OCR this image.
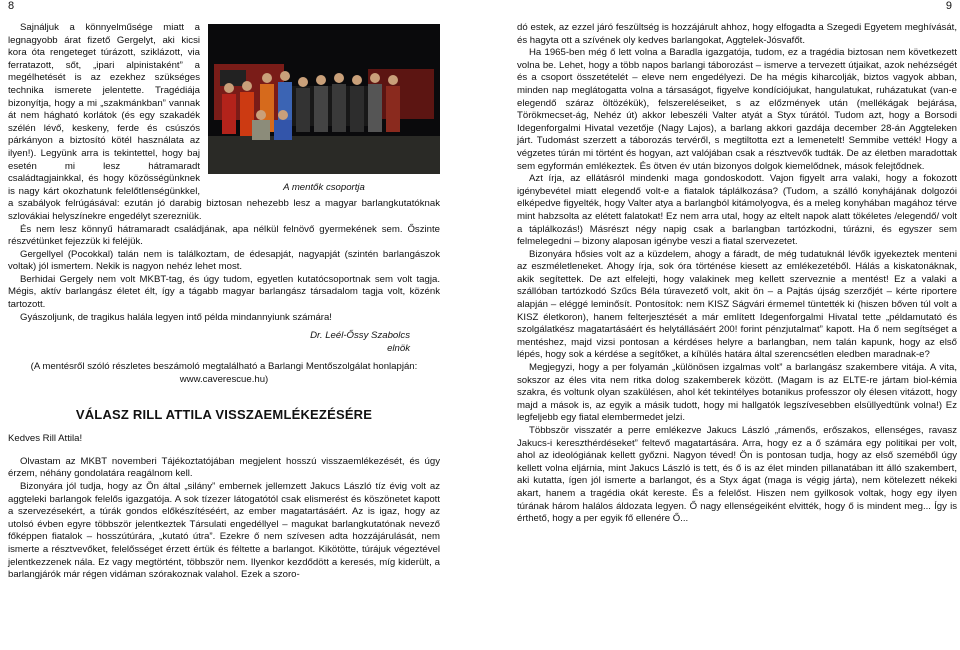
8	9
A mentők csoportja

Sajnáljuk a könnyelműsége miatt a legnagyobb árat fizető Gergelyt, aki kicsi kora óta rengeteget túrázott, sziklázott, via ferratazott, sőt, „ipari alpinistaként” a megélhetését is az ezekhez szükséges technika ismerete jelentette. Tragédiája bizonyítja, hogy a mi „szakmánkban” vannak át nem hágható korlátok (és egy szakadék szélén lévő, keskeny, ferde és csúszós párkányon a biztosító kötél használata az ilyen!). Legyünk arra is tekintettel, hogy baj esetén mi lesz hátramaradt családtagjainkkal, és hogy közösségünknek is nagy kárt okozhatunk felelőtlenségünkkel, a szabályok felrúgásával: ezután jó darabig biztosan nehezebb lesz a magyar barlangkutatóknak szlovákiai helyszínekre engedélyt szerezniük.

És nem lesz könnyű hátramaradt családjának, apa nélkül felnövő gyermekének sem. Őszinte részvétünket fejezzük ki feléjük.

Gergellyel (Pocokkal) talán nem is találkoztam, de édesapját, nagyapját (szintén barlangászok voltak) jól ismertem. Nekik is nagyon nehéz lehet most.

Berhidai Gergely nem volt MKBT-tag, és úgy tudom, egyetlen kutatócsoportnak sem volt tagja. Mégis, aktív barlangász életet élt, így a tágabb magyar barlangász társadalom tagja volt, közénk tartozott.

Gyászoljunk, de tragikus halála legyen intő példa mindannyiunk számára!

Dr. Leél-Őssy Szabolcs
elnök

(A mentésről szóló részletes beszámoló megtalálható a Barlangi Mentőszolgálat honlapján: www.caverescue.hu)

VÁLASZ RILL ATTILA VISSZAEMLÉKEZÉSÉRE

Kedves Rill Attila!

Olvastam az MKBT novemberi Tájékoztatójában megjelent hosszú visszaemlékezését, és úgy érzem, néhány gondolatára reagálnom kell.

Bizonyára jól tudja, hogy az Ön által „silány” embernek jellemzett Jakucs László tíz évig volt az aggteleki barlangok felelős igazgatója. A sok tízezer látogatótól csak elismerést és köszönetet kapott a szervezésekért, a túrák gondos előkészítéséért, az ember magatartásáért. Az is igaz, hogy az utolsó évben egyre többször jelentkeztek Társulati engedéllyel – magukat barlangkutatónak nevező főképpen fiatalok – hosszútúrára, „kutató útra”. Ezekre ő nem szívesen adta hozzájárulását, nem ismerte a résztvevőket, felelősséget érzett értük és féltette a barlangot. Kikötötte, túrájuk végeztével jelentkezzenek nála. Ez vagy megtörtént, többször nem. Ilyenkor kezdődött a keresés, míg kiderült, a barlangjárók már régen vidáman szórakoznak valahol. Ezek a szoro-

dó estek, az ezzel járó feszültség is hozzájárult ahhoz, hogy elfogadta a Szegedi Egyetem meghívását, és hagyta ott a szívének oly kedves barlangokat, Aggtelek-Jósvafőt.

Ha 1965-ben még ő lett volna a Baradla igazgatója, tudom, ez a tragédia biztosan nem következett volna be. Lehet, hogy a több napos barlangi táborozást – ismerve a tervezett útjaikat, azok nehézségét és a csoport összetételét – eleve nem engedélyezi. De ha mégis kiharcolják, biztos vagyok abban, minden nap meglátogatta volna a társaságot, figyelve kondíciójukat, hangulatukat, ruházatukat (van-e elegendő száraz öltözékük), felszereléseiket, s az előzmények után (mellékágak bejárása, Törökmecset-ág, Nehéz út) akkor lebeszéli Valter atyát a Styx túrától. Tudom azt, hogy a Borsodi Idegenforgalmi Hivatal vezetője (Nagy Lajos), a barlang akkori gazdája december 28-án Aggteleken járt. Tudomást szerzett a táborozás tervéről, s megtiltotta ezt a lemenetelt! Semmibe vették! Hogy a végzetes túrán mi történt és hogyan, azt valójában csak a résztvevők tudták. De az életben maradottak sem egyformán emlékeztek. És ötven év után bizonyos dolgok kiemelődnek, mások felejtődnek.

Azt írja, az ellátásról mindenki maga gondoskodott. Vajon figyelt arra valaki, hogy a fokozott igénybevétel miatt elegendő volt-e a fiatalok táplálkozása? (Tudom, a szálló konyhájának dolgozói elképedve figyelték, hogy Valter atya a barlangból kitámolyogva, és a meleg konyhában magához térve mint habzsolta az elétett falatokat! Ez nem arra utal, hogy az eltelt napok alatt tökéletes /elegendő/ volt a táplálkozás!) Másrészt négy napig csak a barlangban tartózkodni, túrázni, és egyszer sem felmelegedni – bizony alaposan igénybe veszi a fiatal szervezetet.

Bizonyára hősies volt az a küzdelem, ahogy a fáradt, de még tudatuknál lévők igyekeztek menteni az eszméletleneket. Ahogy írja, sok óra történése kiesett az emlékezetéből. Hálás a kiskatonáknak, akik segítettek. De azt elfelejti, hogy valakinek meg kellett szerveznie a mentést! Ez a valaki a szállóban tartózkodó Szűcs Béla túravezető volt, akit ön – a Pajtás újság szerzőjét – kérte riportere alapján – eléggé leminősít. Pontosítok: nem KISZ Ságvári érmemel tüntették ki (hiszen bőven túl volt a KISZ életkoron), hanem felterjesztését a már említett Idegenforgalmi Hivatal tette „példamutató és szolgálatkész magatartásáért és helytállásáért 200! forint pénzjutalmat” kapott. Ha ő nem segítséget a mentéshez, majd vizsi pontosan a kérdéses helyre a barlangban, nem talán kapunk, hogy az első lépés, hogy sok a kérdése a segítőket, a kíhülés határa által szerencsétlen eledben maradnak-e?

Megjegyzi, hogy a per folyamán „különösen izgalmas volt” a barlangász szakembere vitája. A vita, sokszor az éles vita nem ritka dolog szakemberek között. (Magam is az ELTE-re jártam biol-kémia szakra, és voltunk olyan szakülésen, ahol két tekintélyes botanikus professzor oly élesen vitázott, hogy majd a mások is, az egyik a másik tudott, hogy mi hallgatók legszívesebben elsüllyedtünk volna!) Ez legfeljebb egy fiatal elembermedet jelzi.

Többször visszatér a perre emlékezve Jakucs László „rámenős, erőszakos, ellenséges, ravasz Jakucs-i kereszthérdéseket” feltevő magatartására. Arra, hogy ez a ő számára egy politikai per volt, ahol az ideológiának kellett győzni. Nagyon téved! Ön is pontosan tudja, hogy az első szeméből úgy kellett volna eljárnia, mint Jakucs László is tett, és ő is az élet minden pillanatában itt álló szakembert, aki kutatta, ígen jól ismerte a barlangot, és a Styx ágat (maga is végig járta), nem kötelezett nékeki akart, hanem a tragédia okát kereste. És a felelőst. Hiszen nem gyilkosok voltak, hogy egy ilyen túrának három halálos áldozata legyen. Ő nagy ellenségeiként elvitték, hogy ő is mindent meg... Így is érthető, hogy a per egyik fő ellenére Ő...
